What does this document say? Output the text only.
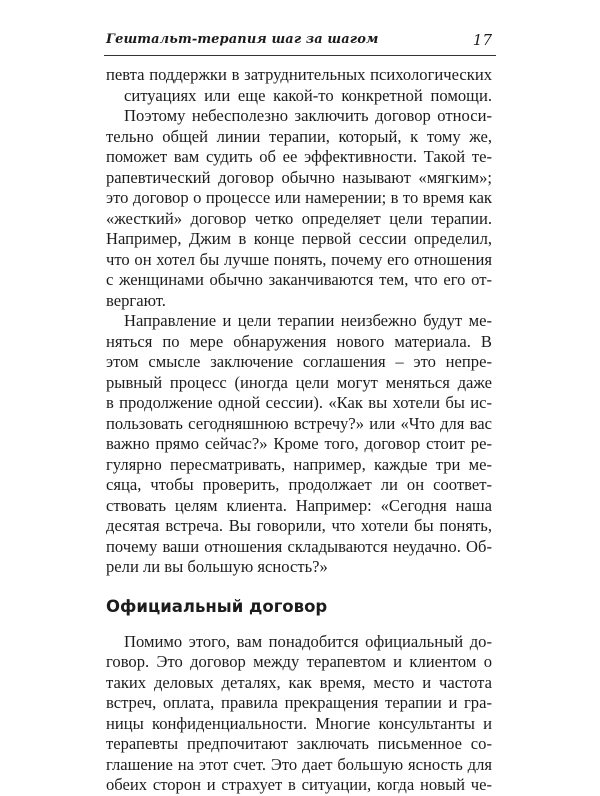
Гештальт-терапия шаг за шагом	17
певта поддержки в затруднительных психологических
ситуациях или еще какой-то конкретной помощи.
Поэтому небесполезно заключить договор относи-
тельно общей линии терапии, который, к тому же,
поможет вам судить об ее эффективности. Такой те-
рапевтический договор обычно называют «мягким»;
это договор о процессе или намерении; в то время как
«жесткий» договор четко определяет цели терапии.
Например, Джим в конце первой сессии определил,
что он хотел бы лучше понять, почему его отношения
с женщинами обычно заканчиваются тем, что его от-
вергают.
Направление и цели терапии неизбежно будут ме-
няться по мере обнаружения нового материала. В
этом смысле заключение соглашения – это непре-
рывный процесс (иногда цели могут меняться даже
в продолжение одной сессии). «Как вы хотели бы ис-
пользовать сегодняшнюю встречу?» или «Что для вас
важно прямо сейчас?» Кроме того, договор стоит ре-
гулярно пересматривать, например, каждые три ме-
сяца, чтобы проверить, продолжает ли он соответ-
ствовать целям клиента. Например: «Сегодня наша
десятая встреча. Вы говорили, что хотели бы понять,
почему ваши отношения складываются неудачно. Об-
рели ли вы большую ясность?»
Официальный договор
Помимо этого, вам понадобится официальный до-
говор. Это договор между терапевтом и клиентом о
таких деловых деталях, как время, место и частота
встреч, оплата, правила прекращения терапии и гра-
ницы конфиденциальности. Многие консультанты и
терапевты предпочитают заключать письменное со-
глашение на этот счет. Это дает большую ясность для
обеих сторон и страхует в ситуации, когда новый че-
